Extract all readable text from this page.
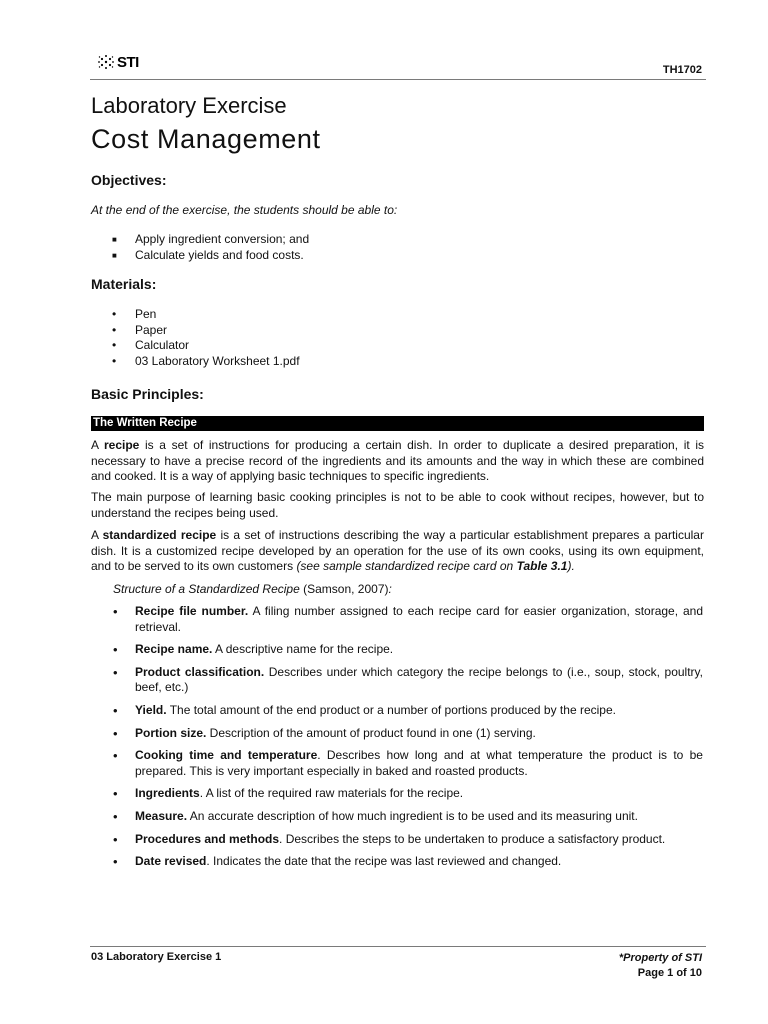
STI	TH1702
Laboratory Exercise
Cost Management
Objectives:
At the end of the exercise, the students should be able to:
■	Apply ingredient conversion; and
■	Calculate yields and food costs.
Materials:
•	Pen
•	Paper
•	Calculator
•	03 Laboratory Worksheet 1.pdf
Basic Principles:
The Written Recipe

A recipe is a set of instructions for producing a certain dish. In order to duplicate a desired preparation, it is necessary to have a precise record of the ingredients and its amounts and the way in which these are combined and cooked. It is a way of applying basic techniques to specific ingredients.

The main purpose of learning basic cooking principles is not to be able to cook without recipes, however, but to understand the recipes being used.

A standardized recipe is a set of instructions describing the way a particular establishment prepares a particular dish. It is a customized recipe developed by an operation for the use of its own cooks, using its own equipment, and to be served to its own customers (see sample standardized recipe card on Table 3.1).

Structure of a Standardized Recipe (Samson, 2007):
• Recipe file number. A filing number assigned to each recipe card for easier organization, storage, and retrieval.
• Recipe name. A descriptive name for the recipe.
• Product classification. Describes under which category the recipe belongs to (i.e., soup, stock, poultry, beef, etc.)
• Yield. The total amount of the end product or a number of portions produced by the recipe.
• Portion size. Description of the amount of product found in one (1) serving.
• Cooking time and temperature. Describes how long and at what temperature the product is to be prepared. This is very important especially in baked and roasted products.
• Ingredients. A list of the required raw materials for the recipe.
• Measure. An accurate description of how much ingredient is to be used and its measuring unit.
• Procedures and methods. Describes the steps to be undertaken to produce a satisfactory product.
• Date revised. Indicates the date that the recipe was last reviewed and changed.
03 Laboratory Exercise 1	*Property of STI
Page 1 of 10
